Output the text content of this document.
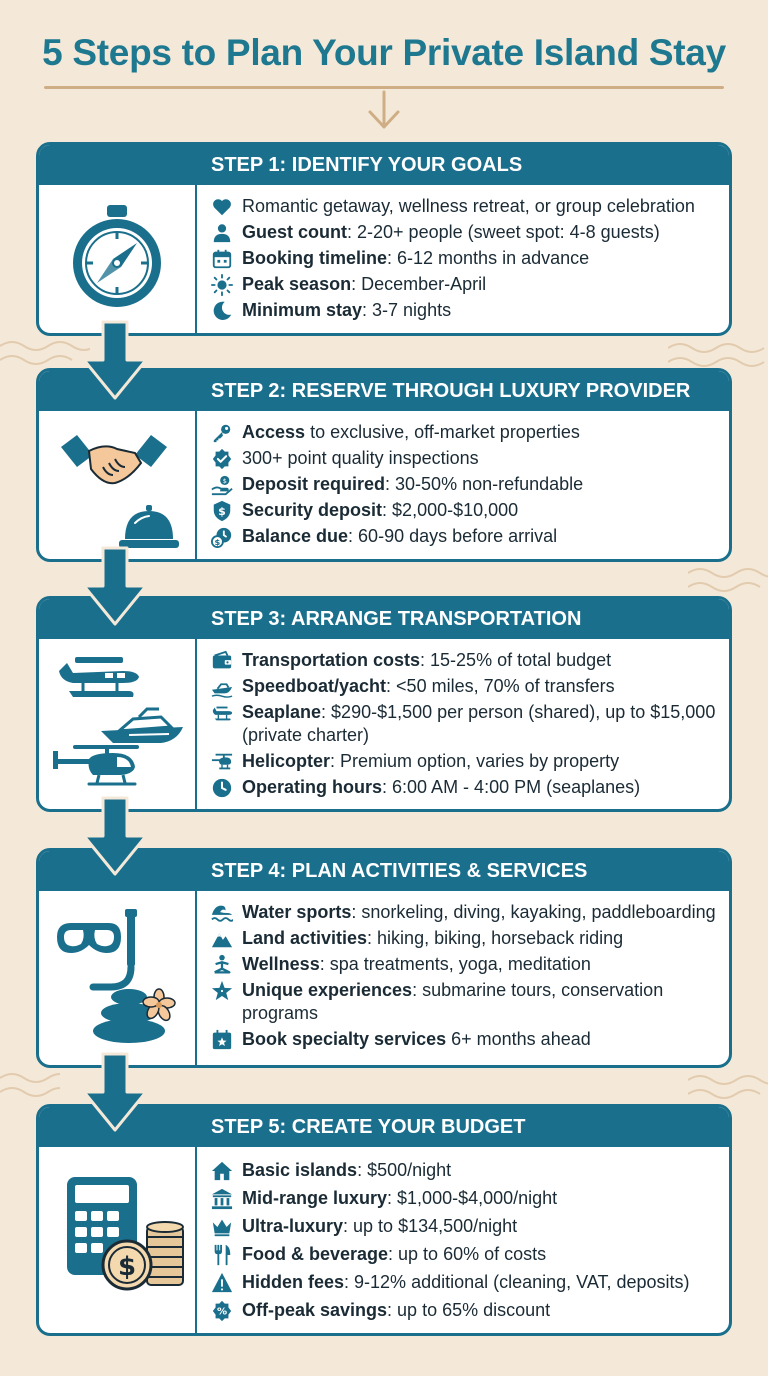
5 Steps to Plan Your Private Island Stay
STEP 1: IDENTIFY YOUR GOALS
Romantic getaway, wellness retreat, or group celebration
Guest count: 2-20+ people (sweet spot: 4-8 guests)
Booking timeline: 6-12 months in advance
Peak season: December-April
Minimum stay: 3-7 nights
STEP 2: RESERVE THROUGH LUXURY PROVIDER
Access to exclusive, off-market properties
300+ point quality inspections
$ Deposit required: 30-50% non-refundable
$ Security deposit: $2,000-$10,000
$ Balance due: 60-90 days before arrival
STEP 3: ARRANGE TRANSPORTATION
Transportation costs: 15-25% of total budget
Speedboat/yacht: <50 miles, 70% of transfers
Seaplane: $290-$1,500 per person (shared), up to $15,000 (private charter)
Helicopter: Premium option, varies by property
Operating hours: 6:00 AM - 4:00 PM (seaplanes)
STEP 4: PLAN ACTIVITIES & SERVICES
Water sports: snorkeling, diving, kayaking, paddleboarding
Land activities: hiking, biking, horseback riding
Wellness: spa treatments, yoga, meditation
Unique experiences: submarine tours, conservation programs
Book specialty services 6+ months ahead
STEP 5: CREATE YOUR BUDGET
$
Basic islands: $500/night
Mid-range luxury: $1,000-$4,000/night
Ultra-luxury: up to $134,500/night
Food & beverage: up to 60% of costs
Hidden fees: 9-12% additional (cleaning, VAT, deposits)
% Off-peak savings: up to 65% discount
